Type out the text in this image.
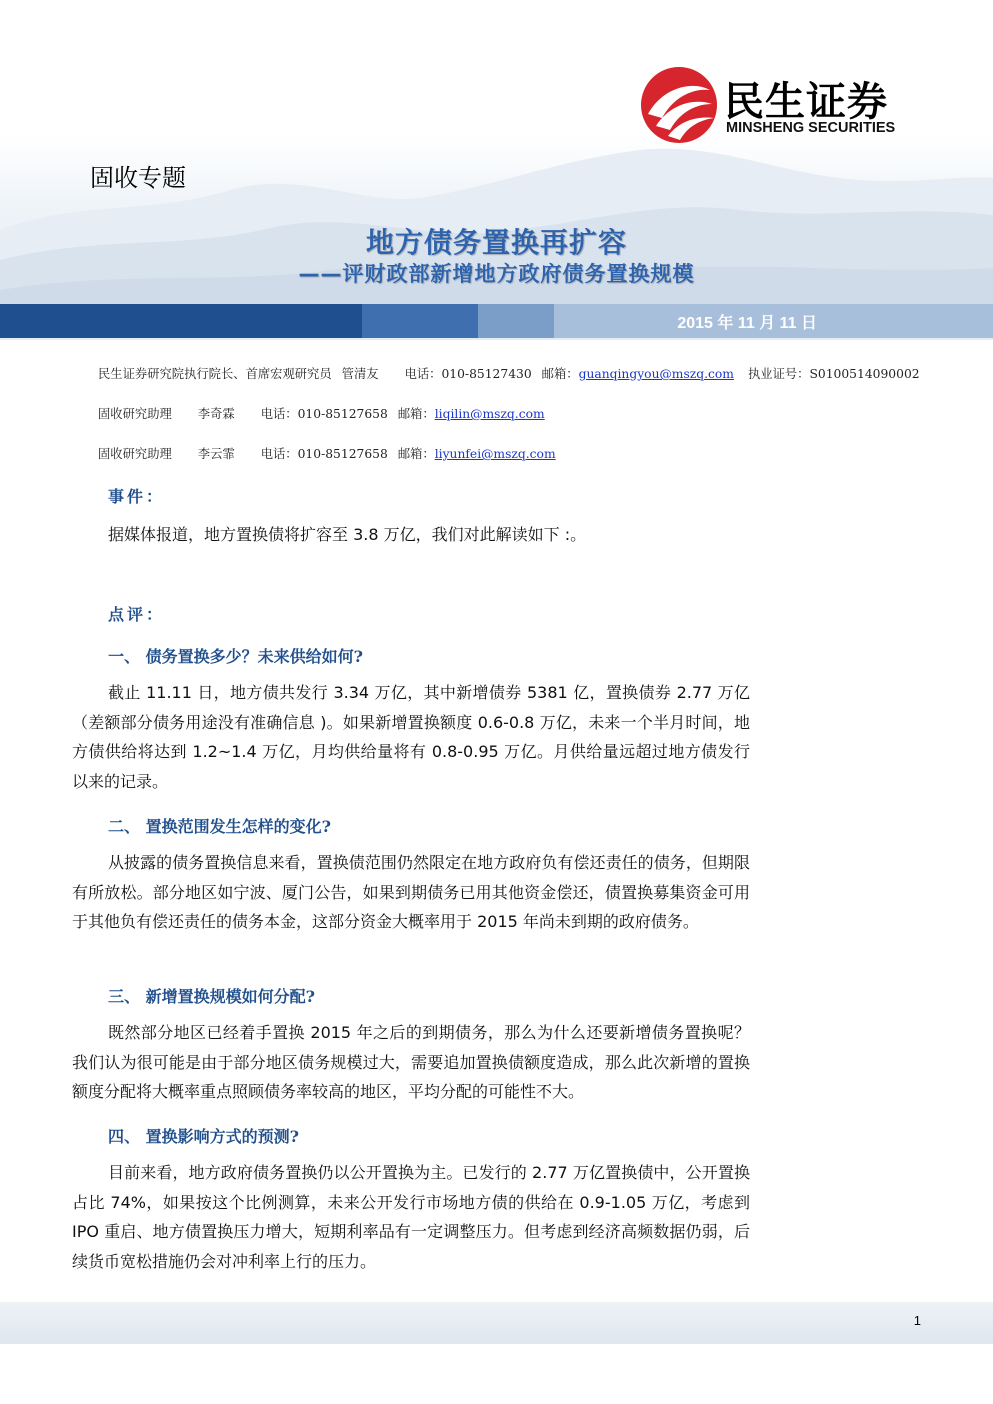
民生证券
MINSHENG SECURITIES
固收专题
地方债务置换再扩容
——评财政部新增地方政府债务置换规模
2015 年 11 月 11 日
民生证券研究院执行院长、首席宏观研究员 管清友 电话：010-85127430 邮箱：guanqingyou@mszq.com 执业证号：S0100514090002
固收研究助理 李奇霖 电话：010-85127658 邮箱：liqilin@mszq.com
固收研究助理 李云霏 电话：010-85127658 邮箱：liyunfei@mszq.com
事件：
据媒体报道，地方置换债将扩容至 3.8 万亿，我们对此解读如下 :。
点评：
一、 债务置换多少？未来供给如何?
截止 11.11 日，地方债共发行 3.34 万亿，其中新增债券 5381 亿，置换债券 2.77 万亿（差额部分债务用途没有准确信息 )。如果新增置换额度 0.6-0.8 万亿，未来一个半月时间，地方债供给将达到 1.2~1.4 万亿，月均供给量将有 0.8-0.95 万亿。月供给量远超过地方债发行以来的记录。
二、 置换范围发生怎样的变化?
从披露的债务置换信息来看，置换债范围仍然限定在地方政府负有偿还责任的债务，但期限有所放松。部分地区如宁波、厦门公告，如果到期债务已用其他资金偿还，债置换募集资金可用于其他负有偿还责任的债务本金，这部分资金大概率用于 2015 年尚未到期的政府债务。
三、 新增置换规模如何分配?
既然部分地区已经着手置换 2015 年之后的到期债务，那么为什么还要新增债务置换呢？我们认为很可能是由于部分地区债务规模过大，需要追加置换债额度造成，那么此次新增的置换额度分配将大概率重点照顾债务率较高的地区，平均分配的可能性不大。
四、 置换影响方式的预测?
目前来看，地方政府债务置换仍以公开置换为主。已发行的 2.77 万亿置换债中，公开置换占比 74%，如果按这个比例测算，未来公开发行市场地方债的供给在 0.9-1.05 万亿，考虑到 IPO 重启、地方债置换压力增大，短期利率品有一定调整压力。但考虑到经济高频数据仍弱，后续货币宽松措施仍会对冲利率上行的压力。
1
